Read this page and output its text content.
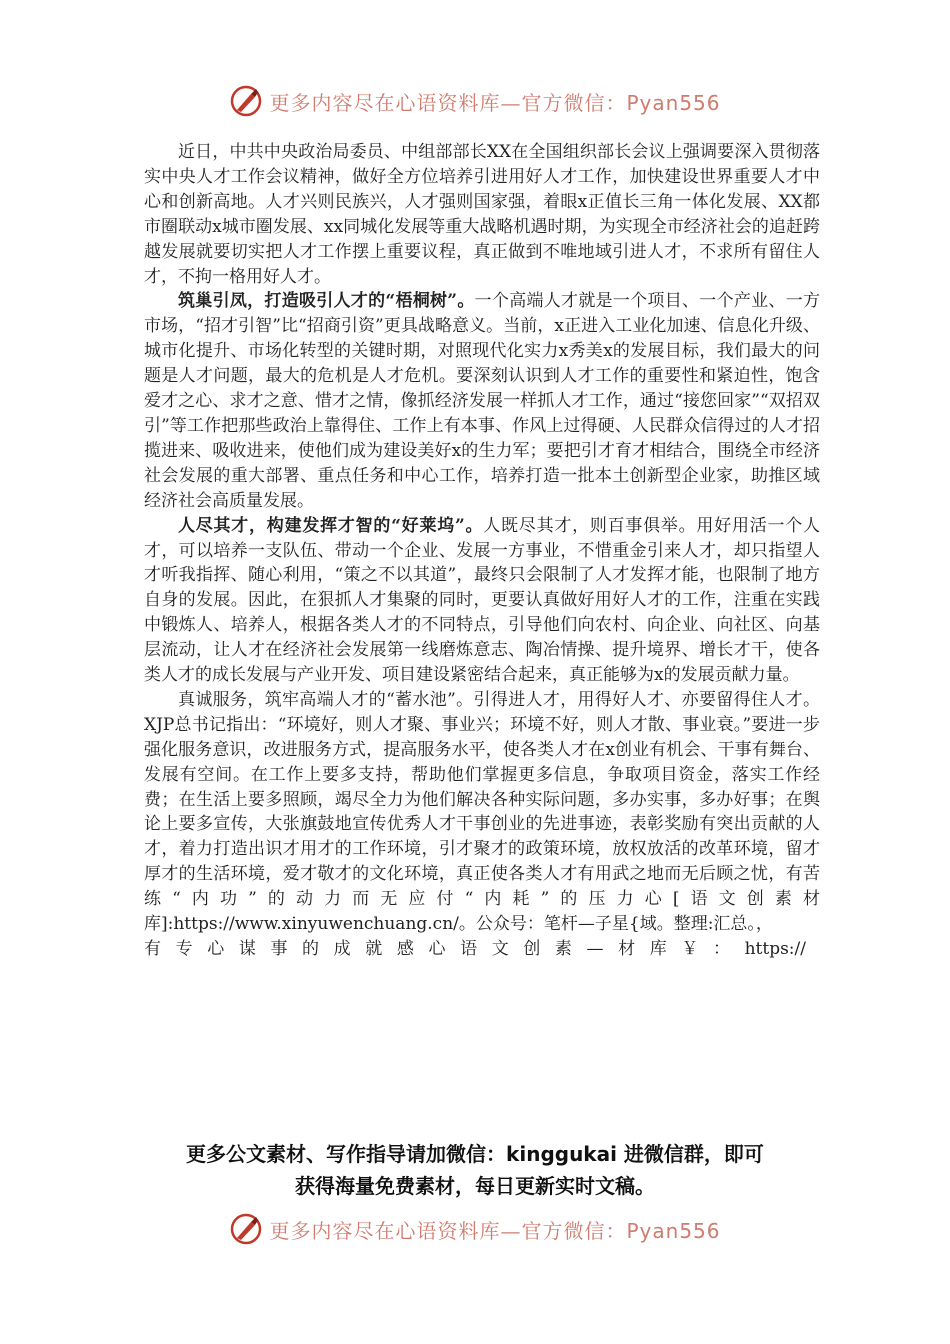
更多内容尽在心语资料库—官方微信：Pyan556

近日，中共中央政治局委员、中组部部长XX在全国组织部长会议上强调要深入贯彻落实中央人才工作会议精神，做好全方位培养引进用好人才工作，加快建设世界重要人才中心和创新高地。人才兴则民族兴，人才强则国家强，着眼x正值长三角一体化发展、XX都市圈联动x城市圈发展、xx同城化发展等重大战略机遇时期，为实现全市经济社会的追赶跨越发展就要切实把人才工作摆上重要议程，真正做到不唯地域引进人才，不求所有留住人才，不拘一格用好人才。

筑巢引凤，打造吸引人才的“梧桐树”。一个高端人才就是一个项目、一个产业、一方市场，“招才引智”比“招商引资”更具战略意义。当前，x正进入工业化加速、信息化升级、城市化提升、市场化转型的关键时期，对照现代化实力x秀美x的发展目标，我们最大的问题是人才问题，最大的危机是人才危机。要深刻认识到人才工作的重要性和紧迫性，饱含爱才之心、求才之意、惜才之情，像抓经济发展一样抓人才工作，通过“接您回家”“双招双引”等工作把那些政治上靠得住、工作上有本事、作风上过得硬、人民群众信得过的人才招揽进来、吸收进来，使他们成为建设美好x的生力军；要把引才育才相结合，围绕全市经济社会发展的重大部署、重点任务和中心工作，培养打造一批本土创新型企业家，助推区域经济社会高质量发展。

人尽其才，构建发挥才智的“好莱坞”。人既尽其才，则百事俱举。用好用活一个人才，可以培养一支队伍、带动一个企业、发展一方事业，不惜重金引来人才，却只指望人才听我指挥、随心利用，“策之不以其道”，最终只会限制了人才发挥才能，也限制了地方自身的发展。因此，在狠抓人才集聚的同时，更要认真做好用好人才的工作，注重在实践中锻炼人、培养人，根据各类人才的不同特点，引导他们向农村、向企业、向社区、向基层流动，让人才在经济社会发展第一线磨炼意志、陶冶情操、提升境界、增长才干，使各类人才的成长发展与产业开发、项目建设紧密结合起来，真正能够为x的发展贡献力量。

真诚服务，筑牢高端人才的“蓄水池”。引得进人才，用得好人才、亦要留得住人才。XJP总书记指出：“环境好，则人才聚、事业兴；环境不好，则人才散、事业衰。”要进一步强化服务意识，改进服务方式，提高服务水平，使各类人才在x创业有机会、干事有舞台、发展有空间。在工作上要多支持，帮助他们掌握更多信息，争取项目资金，落实工作经费；在生活上要多照顾，竭尽全力为他们解决各种实际问题，多办实事，多办好事；在舆论上要多宣传，大张旗鼓地宣传优秀人才干事创业的先进事迹，表彰奖励有突出贡献的人才，着力打造出识才用才的工作环境，引才聚才的政策环境，放权放活的改革环境，留才厚才的生活环境，爱才敬才的文化环境，真正使各类人才有用武之地而无后顾之忧，有苦练“内功”的动力而无应付“内耗”的压力心[语文创素材库]:https://www.xinyuwenchuang.cn/。公众号：笔杆—子星{域。整理:汇总。，

有 专 心 谋 事 的 成 就 感 心 语 文 创 素 — 材 库 ￥ ： https://
更多公文素材、写作指导请加微信：kinggukai 进微信群，即可
获得海量免费素材，每日更新实时文稿。
更多内容尽在心语资料库—官方微信：Pyan556
